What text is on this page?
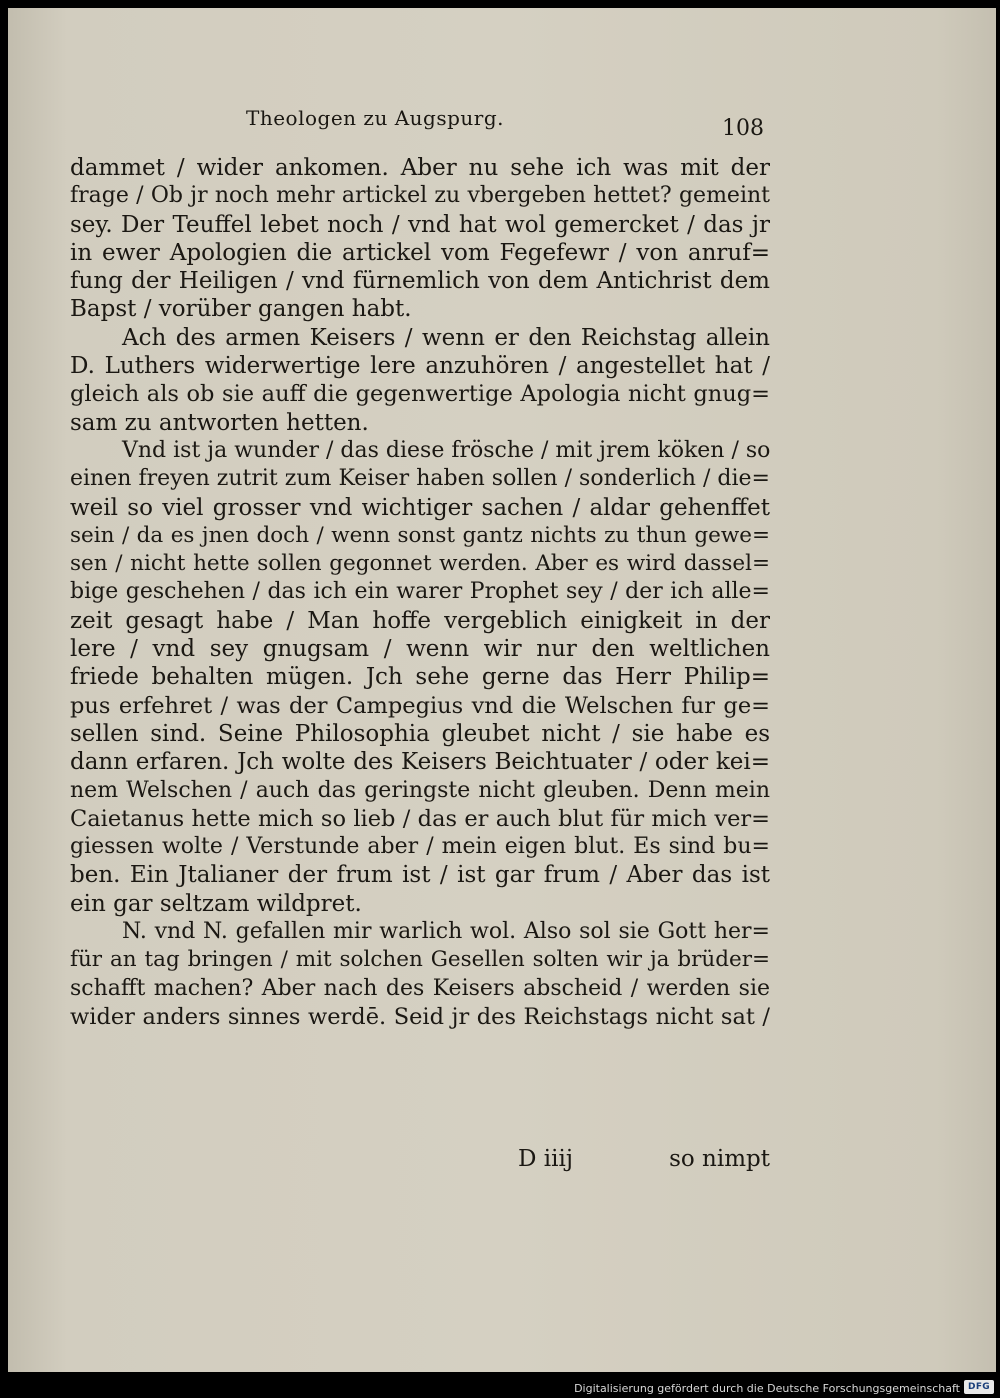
Theologen zu Augspurg.	108
dammet / wider ankomen. Aber nu sehe ich was mit der
frage / Ob jr noch mehr artickel zu vbergeben hettet? gemeint
sey. Der Teuffel lebet noch / vnd hat wol gemercket / das jr
in ewer Apologien die artickel vom Fegefewr / von anruf=
fung der Heiligen / vnd fürnemlich von dem Antichrist dem
Bapst / vorüber gangen habt.
Ach des armen Keisers / wenn er den Reichstag allein
D. Luthers widerwertige lere anzuhören / angestellet hat /
gleich als ob sie auff die gegenwertige Apologia nicht gnug=
sam zu antworten hetten.
Vnd ist ja wunder / das diese frösche / mit jrem köken / so
einen freyen zutrit zum Keiser haben sollen / sonderlich / die=
weil so viel grosser vnd wichtiger sachen / aldar gehenffet
sein / da es jnen doch / wenn sonst gantz nichts zu thun gewe=
sen / nicht hette sollen gegonnet werden. Aber es wird dassel=
bige geschehen / das ich ein warer Prophet sey / der ich alle=
zeit gesagt habe / Man hoffe vergeblich einigkeit in der
lere / vnd sey gnugsam / wenn wir nur den weltlichen
friede behalten mügen. Jch sehe gerne das Herr Philip=
pus erfehret / was der Campegius vnd die Welschen fur ge=
sellen sind. Seine Philosophia gleubet nicht / sie habe es
dann erfaren. Jch wolte des Keisers Beichtuater / oder kei=
nem Welschen / auch das geringste nicht gleuben. Denn mein
Caietanus hette mich so lieb / das er auch blut für mich ver=
giessen wolte / Verstunde aber / mein eigen blut. Es sind bu=
ben. Ein Jtalianer der frum ist / ist gar frum / Aber das ist
ein gar seltzam wildpret.
N. vnd N. gefallen mir warlich wol. Also sol sie Gott her=
für an tag bringen / mit solchen Gesellen solten wir ja brüder=
schafft machen? Aber nach des Keisers abscheid / werden sie
wider anders sinnes werdē. Seid jr des Reichstags nicht sat /
D iiij	so nimpt
Digitalisierung gefördert durch die Deutsche Forschungsgemeinschaft DFG
